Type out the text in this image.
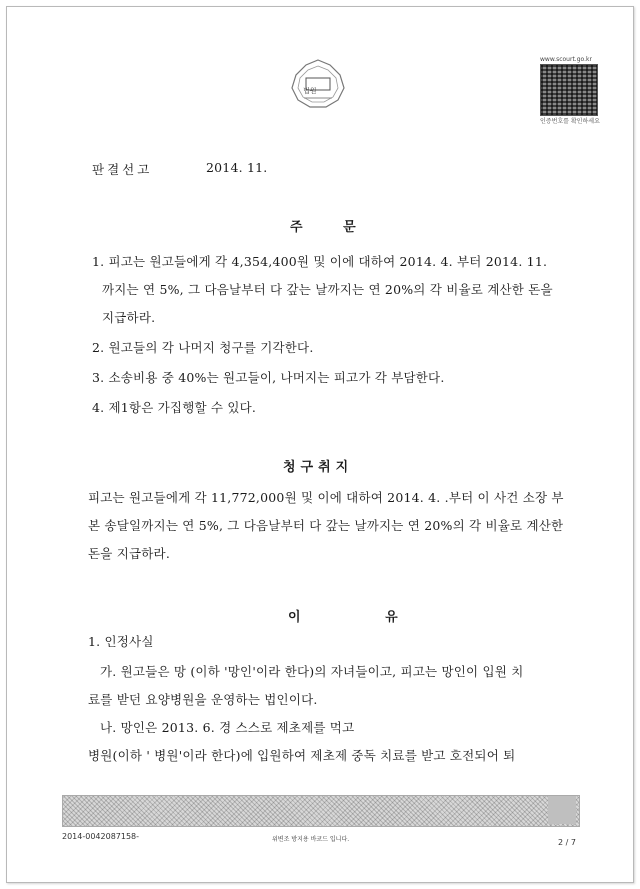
법원
www.scourt.go.kr
인증번호를 확인하세요
판결선고	2014. 11.
주 문
1. 피고는 원고들에게 각 4,354,400원 및 이에 대하여 2014. 4. 부터 2014. 11.
까지는 연 5%, 그 다음날부터 다 갚는 날까지는 연 20%의 각 비율로 계산한 돈을
지급하라.
2. 원고들의 각 나머지 청구를 기각한다.
3. 소송비용 중 40%는 원고들이, 나머지는 피고가 각 부담한다.
4. 제1항은 가집행할 수 있다.
청구취지
피고는 원고들에게 각 11,772,000원 및 이에 대하여 2014. 4. .부터 이 사건 소장 부
본 송달일까지는 연 5%, 그 다음날부터 다 갚는 날까지는 연 20%의 각 비율로 계산한
돈을 지급하라.
이 유
1. 인정사실
가. 원고들은 망 (이하 '망인'이라 한다)의 자녀들이고, 피고는 망인이 입원 치
료를 받던 요양병원을 운영하는 법인이다.
나. 망인은 2013. 6. 경 스스로 제초제를 먹고
병원(이하 ' 병원'이라 한다)에 입원하여 제초제 중독 치료를 받고 호전되어 퇴
2014-0042087158-	위변조 방지용 바코드 입니다.	2 / 7
